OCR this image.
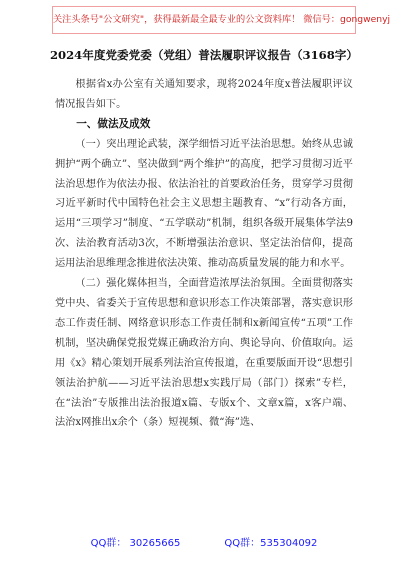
关注头条号"公文研究"，获得最新最全最专业的公文资料库！ 微信号：gongwenyj
2024年度党委党委（党组）普法履职评议报告（3168字）

根据省x办公室有关通知要求，现将2024年度x普法履职评议情况报告如下。

一、做法及成效

（一）突出理论武装，深学细悟习近平法治思想。始终从忠诚拥护“两个确立”、坚决做到“两个维护”的高度，把学习贯彻习近平法治思想作为依法办报、依法治社的首要政治任务，贯穿学习贯彻习近平新时代中国特色社会主义思想主题教育、“x”行动各方面，运用“三项学习”制度、“五学联动”机制，组织各级开展集体学法9次、法治教育活动3次，不断增强法治意识、坚定法治信仰，提高运用法治思维理念推进依法决策、推动高质量发展的能力和水平。

（二）强化媒体担当，全面营造浓厚法治氛围。全面贯彻落实党中央、省委关于宣传思想和意识形态工作决策部署，落实意识形态工作责任制、网络意识形态工作责任制和x新闻宣传“五项”工作机制，坚决确保党报党媒正确政治方向、舆论导向、价值取向。运用《x》精心策划开展系列法治宣传报道，在重要版面开设“思想引领法治护航——习近平法治思想x实践厅局（部门）探索”专栏，在“法治”专版推出法治报道x篇、专版x个、文章x篇，x客户端、法治x网推出x余个（条）短视频、微“海”选、

QQ群： 30265665	QQ群：535304092
